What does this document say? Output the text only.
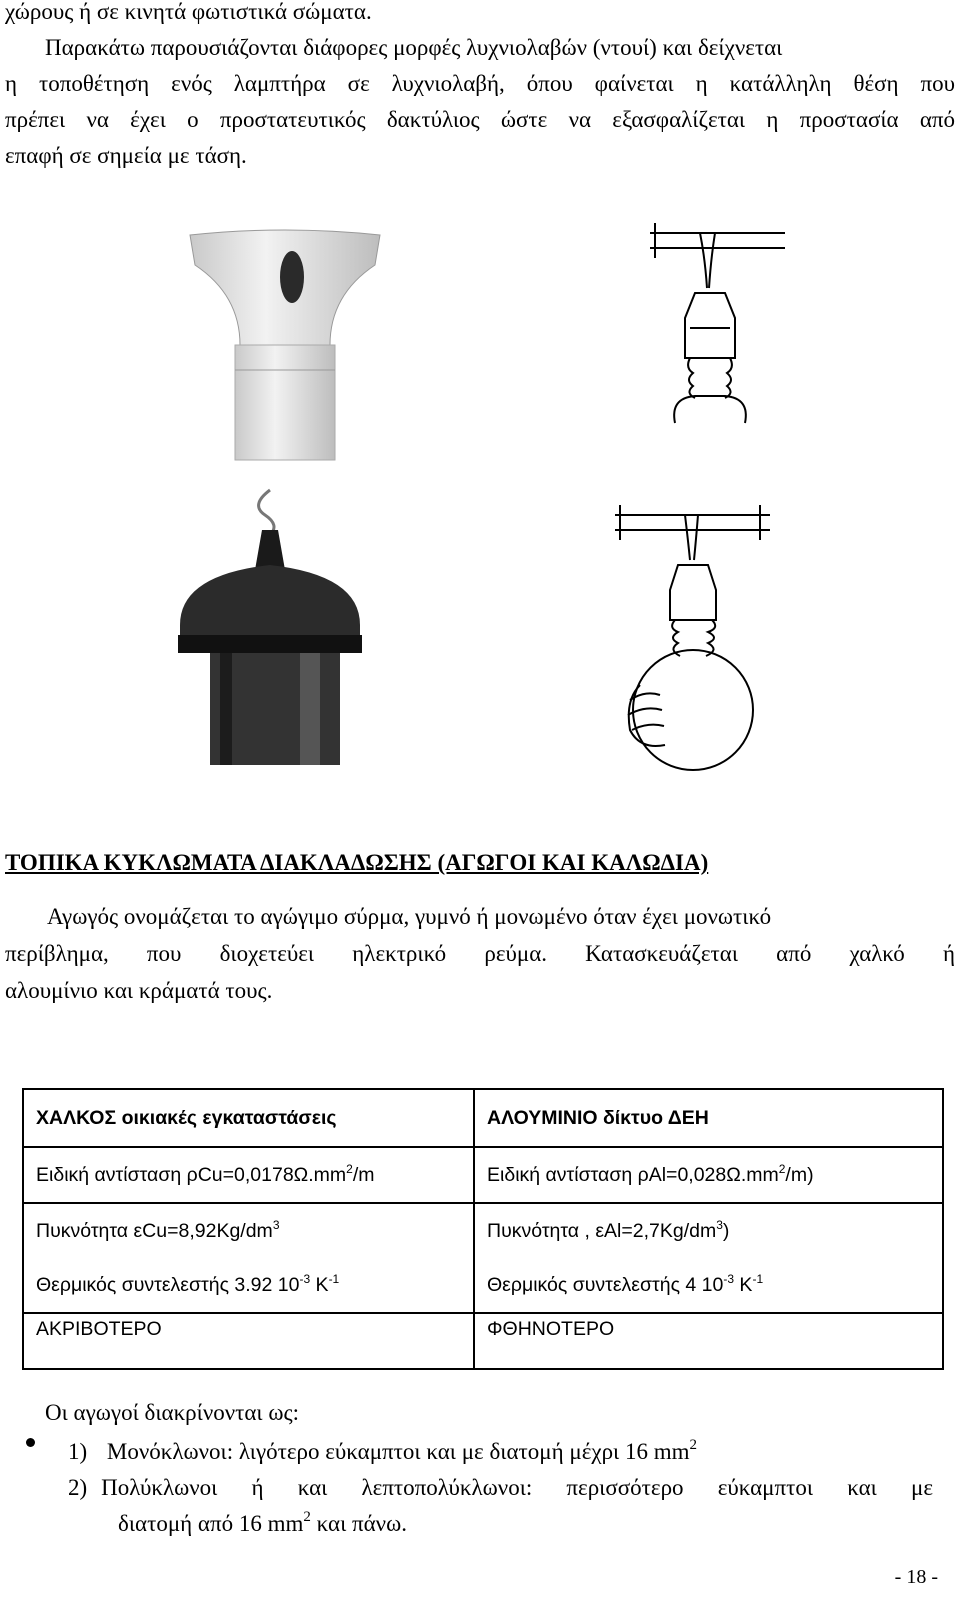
χώρους ή σε κινητά φωτιστικά σώματα.
Παρακάτω παρουσιάζονται διάφορες μορφές λυχνιολαβών (ντουί) και δείχνεται
η τοποθέτηση ενός λαμπτήρα σε λυχνιολαβή, όπου φαίνεται η κατάλληλη θέση που
πρέπει να έχει ο προστατευτικός δακτύλιος ώστε να εξασφαλίζεται η προστασία από
επαφή σε σημεία με τάση.
ΤΟΠΙΚΑ ΚΥΚΛΩΜΑΤΑ ΔΙΑΚΛΑΔΩΣΗΣ (ΑΓΩΓΟΙ ΚΑΙ ΚΑΛΩΔΙΑ)
Αγωγός ονομάζεται το αγώγιμο σύρμα, γυμνό ή μονωμένο όταν έχει μονωτικό
περίβλημα, που διοχετεύει ηλεκτρικό ρεύμα. Κατασκευάζεται από χαλκό ή
αλουμίνιο και κράματά τους.
ΧΑΛΚΟΣ οικιακές εγκαταστάσεις	ΑΛΟΥΜΙΝΙΟ δίκτυο ΔΕΗ
Ειδική αντίσταση $\rho Cu=0,0178\Omega.mm^2/m$	Ειδική αντίσταση $\rho Al=0,028\Omega.mm^2/m$)
Πυκνότητα $\varepsilon Cu=8,92Kg/dm^3$	Πυκνότητα , $\varepsilon Al=2,7Kg/dm^3$)
Θερμικός συντελεστής 3.92 $10^{-3}$ $K^{-1}$	Θερμικός συντελεστής 4 $10^{-3}$ $K^{-1}$
ΑΚΡΙΒΟΤΕΡΟ	ΦΘΗΝΟΤΕΡΟ
Οι αγωγοί διακρίνονται ως:
1) Μονόκλωνοι: λιγότερο εύκαμπτοι και με διατομή μέχρι 16 $mm^2$
2) Πολύκλωνοι ή και λεπτοπολύκλωνοι: περισσότερο εύκαμπτοι και με
διατομή από 16 $mm^2$ και πάνω.
- 18 -
